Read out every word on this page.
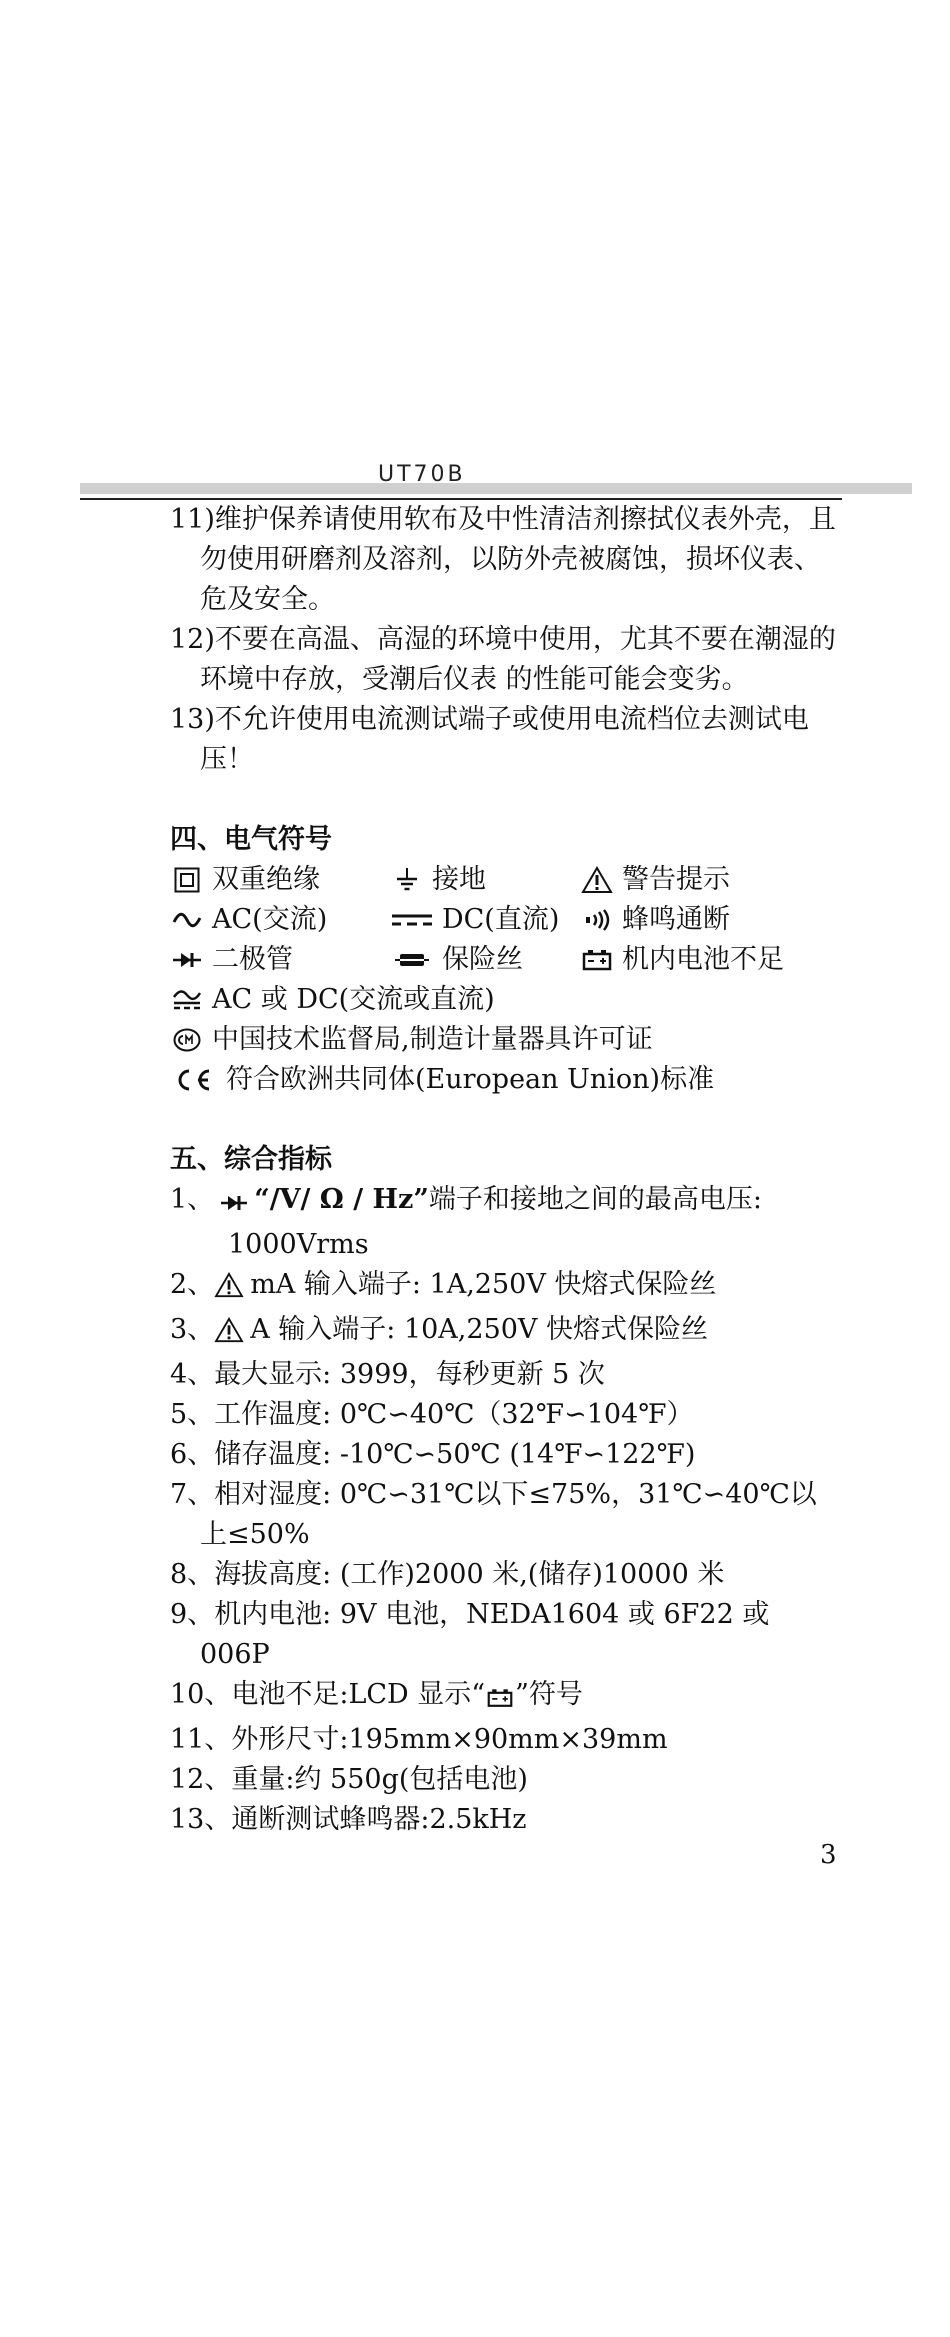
UT70B
11)维护保养请使用软布及中性清洁剂擦拭仪表外壳，且勿使用研磨剂及溶剂，以防外壳被腐蚀，损坏仪表、危及安全。
12)不要在高温、高湿的环境中使用，尤其不要在潮湿的环境中存放，受潮后仪表 的性能可能会变劣。
13)不允许使用电流测试端子或使用电流档位去测试电压！
四、电气符号
双重绝缘	接地	警告提示
AC(交流)	DC(直流) 蜂鸣通断
二极管	保险丝	机内电池不足
AC 或 DC(交流或直流)
中国技术监督局,制造计量器具许可证
符合欧洲共同体(European Union)标准
五、综合指标
1、 “/V/ Ω / Hz”端子和接地之间的最高电压: 1000Vrms
2、 mA 输入端子: 1A,250V 快熔式保险丝
3、 A 输入端子: 10A,250V 快熔式保险丝
4、最大显示: 3999，每秒更新 5 次
5、工作温度: 0℃∽40℃（32℉∽104℉）
6、储存温度: -10℃∽50℃ (14℉∽122℉)
7、相对湿度: 0℃∽31℃以下≤75%，31℃∽40℃以上≤50%
8、海拔高度: (工作)2000 米,(储存)10000 米
9、机内电池: 9V 电池，NEDA1604 或 6F22 或 006P
10、电池不足:LCD 显示“ ”符号
11、外形尺寸:195mm×90mm×39mm
12、重量:约 550g(包括电池)
13、通断测试蜂鸣器:2.5kHz
3
